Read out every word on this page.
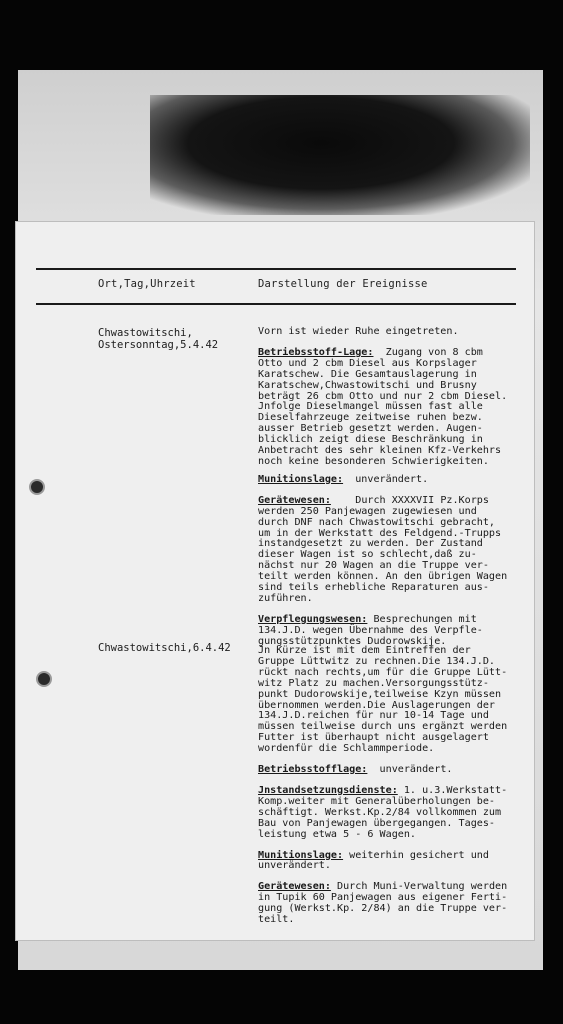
Ort,Tag,Uhrzeit	Darstellung der Ereignisse
Chwastowitschi,
Ostersonntag,5.4.42

Vorn ist wieder Ruhe eingetreten.

Betriebsstoff-Lage:  Zugang von 8 cbm
Otto und 2 cbm Diesel aus Korpslager
Karatschew. Die Gesamtauslagerung in
Karatschew,Chwastowitschi und Brusny
beträgt 26 cbm Otto und nur 2 cbm Diesel.
Jnfolge Dieselmangel müssen fast alle
Dieselfahrzeuge zeitweise ruhen bezw.
ausser Betrieb gesetzt werden. Augen-
blicklich zeigt diese Beschränkung in
Anbetracht des sehr kleinen Kfz-Verkehrs
noch keine besonderen Schwierigkeiten.

Munitionslage:  unverändert.

Gerätewesen:    Durch XXXXVII Pz.Korps
werden 250 Panjewagen zugewiesen und
durch DNF nach Chwastowitschi gebracht,
um in der Werkstatt des Feldgend.-Trupps
instandgesetzt zu werden. Der Zustand
dieser Wagen ist so schlecht,daß zu-
nächst nur 20 Wagen an die Truppe ver-
teilt werden können. An den übrigen Wagen
sind teils erhebliche Reparaturen aus-
zuführen.

Verpflegungswesen: Besprechungen mit
134.J.D. wegen Übernahme des Verpfle-
gungsstützpunktes Dudorowskije.

Chwastowitschi,6.4.42	Jn Kürze ist mit dem Eintreffen der
Gruppe Lüttwitz zu rechnen.Die 134.J.D.
rückt nach rechts,um für die Gruppe Lütt-
witz Platz zu machen.Versorgungsstütz-
punkt Dudorowskije,teilweise Kzyn müssen
übernommen werden.Die Auslagerungen der
134.J.D.reichen für nur 10-14 Tage und
müssen teilweise durch uns ergänzt werden
Futter ist überhaupt nicht ausgelagert
wordenfür die Schlammperiode.

Betriebsstofflage:  unverändert.

Jnstandsetzungsdienste: 1. u.3.Werkstatt-
Komp.weiter mit Generalüberholungen be-
schäftigt. Werkst.Kp.2/84 vollkommen zum
Bau von Panjewagen übergegangen. Tages-
leistung etwa 5 - 6 Wagen.

Munitionslage: weiterhin gesichert und
unverändert.

Gerätewesen: Durch Muni-Verwaltung werden
in Tupik 60 Panjewagen aus eigener Ferti-
gung (Werkst.Kp. 2/84) an die Truppe ver-
teilt.
